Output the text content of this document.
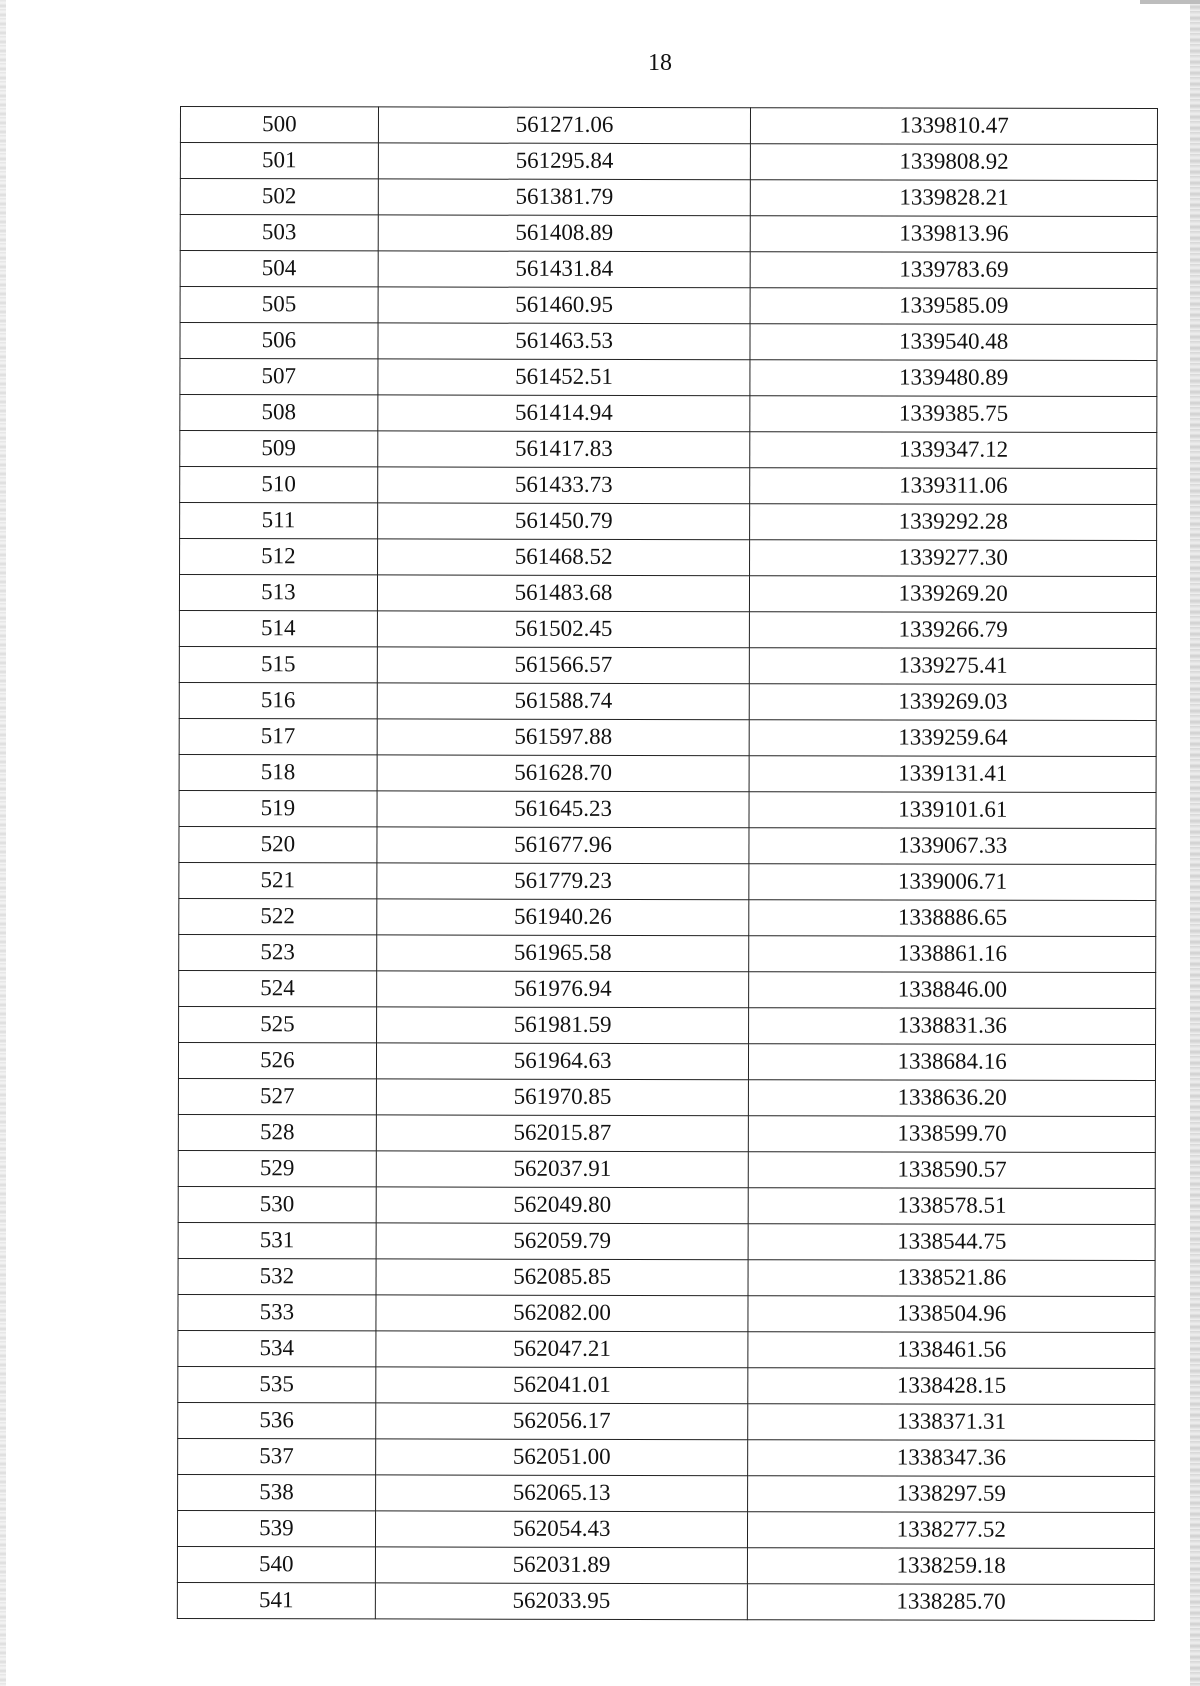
18
500	561271.06	1339810.47
501	561295.84	1339808.92
502	561381.79	1339828.21
503	561408.89	1339813.96
504	561431.84	1339783.69
505	561460.95	1339585.09
506	561463.53	1339540.48
507	561452.51	1339480.89
508	561414.94	1339385.75
509	561417.83	1339347.12
510	561433.73	1339311.06
511	561450.79	1339292.28
512	561468.52	1339277.30
513	561483.68	1339269.20
514	561502.45	1339266.79
515	561566.57	1339275.41
516	561588.74	1339269.03
517	561597.88	1339259.64
518	561628.70	1339131.41
519	561645.23	1339101.61
520	561677.96	1339067.33
521	561779.23	1339006.71
522	561940.26	1338886.65
523	561965.58	1338861.16
524	561976.94	1338846.00
525	561981.59	1338831.36
526	561964.63	1338684.16
527	561970.85	1338636.20
528	562015.87	1338599.70
529	562037.91	1338590.57
530	562049.80	1338578.51
531	562059.79	1338544.75
532	562085.85	1338521.86
533	562082.00	1338504.96
534	562047.21	1338461.56
535	562041.01	1338428.15
536	562056.17	1338371.31
537	562051.00	1338347.36
538	562065.13	1338297.59
539	562054.43	1338277.52
540	562031.89	1338259.18
541	562033.95	1338285.70
